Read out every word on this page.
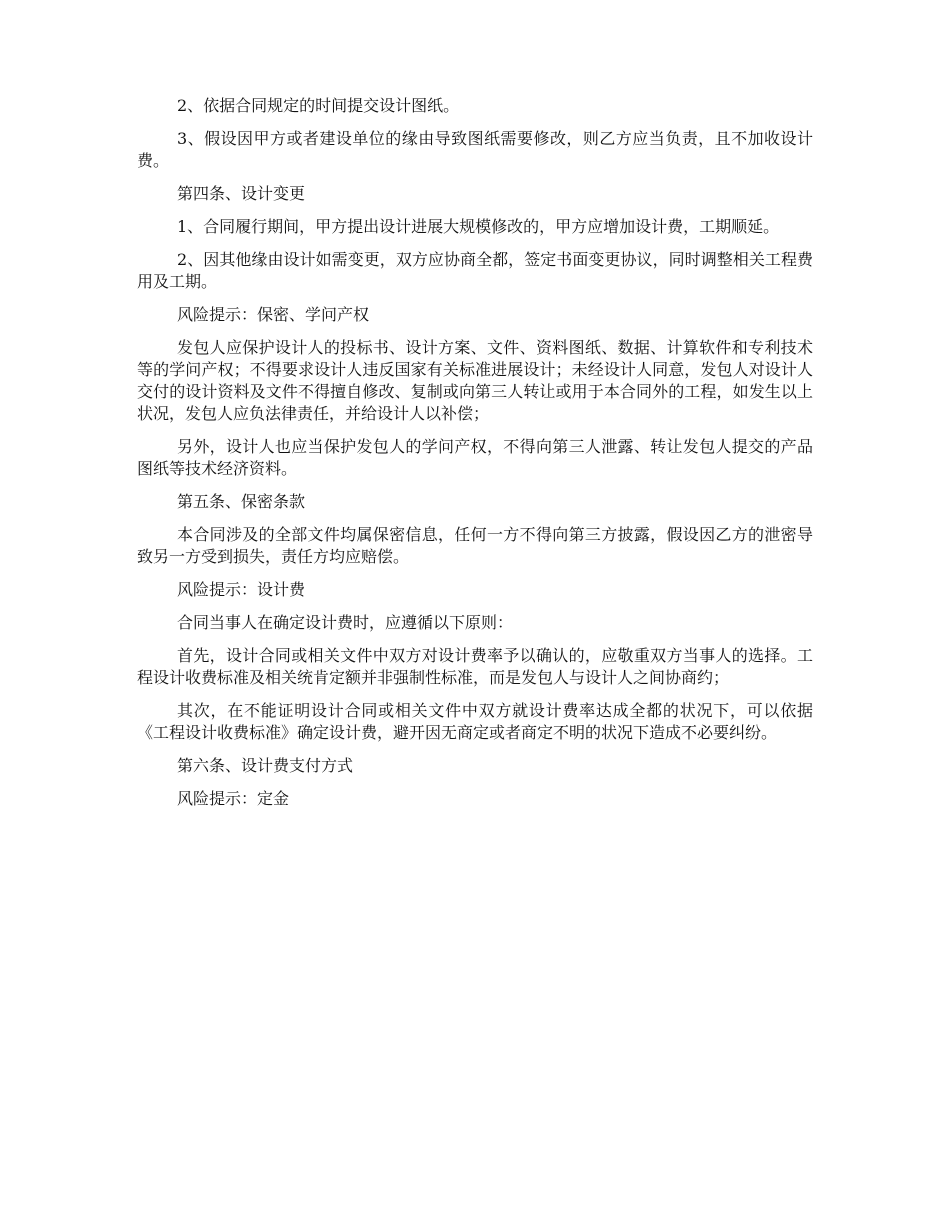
2、依据合同规定的时间提交设计图纸。

3、假设因甲方或者建设单位的缘由导致图纸需要修改，则乙方应当负责，且不加收设计费。

第四条、设计变更

1、合同履行期间，甲方提出设计进展大规模修改的，甲方应增加设计费，工期顺延。

2、因其他缘由设计如需变更，双方应协商全都，签定书面变更协议，同时调整相关工程费用及工期。

风险提示：保密、学问产权

发包人应保护设计人的投标书、设计方案、文件、资料图纸、数据、计算软件和专利技术等的学问产权；不得要求设计人违反国家有关标准进展设计；未经设计人同意，发包人对设计人交付的设计资料及文件不得擅自修改、复制或向第三人转让或用于本合同外的工程，如发生以上状况，发包人应负法律责任，并给设计人以补偿；

另外，设计人也应当保护发包人的学问产权，不得向第三人泄露、转让发包人提交的产品图纸等技术经济资料。

第五条、保密条款

本合同涉及的全部文件均属保密信息，任何一方不得向第三方披露，假设因乙方的泄密导致另一方受到损失，责任方均应赔偿。

风险提示：设计费

合同当事人在确定设计费时，应遵循以下原则：

首先，设计合同或相关文件中双方对设计费率予以确认的，应敬重双方当事人的选择。工程设计收费标准及相关统肯定额并非强制性标准，而是发包人与设计人之间协商约；

其次，在不能证明设计合同或相关文件中双方就设计费率达成全都的状况下，可以依据《工程设计收费标准》确定设计费，避开因无商定或者商定不明的状况下造成不必要纠纷。

第六条、设计费支付方式

风险提示：定金
